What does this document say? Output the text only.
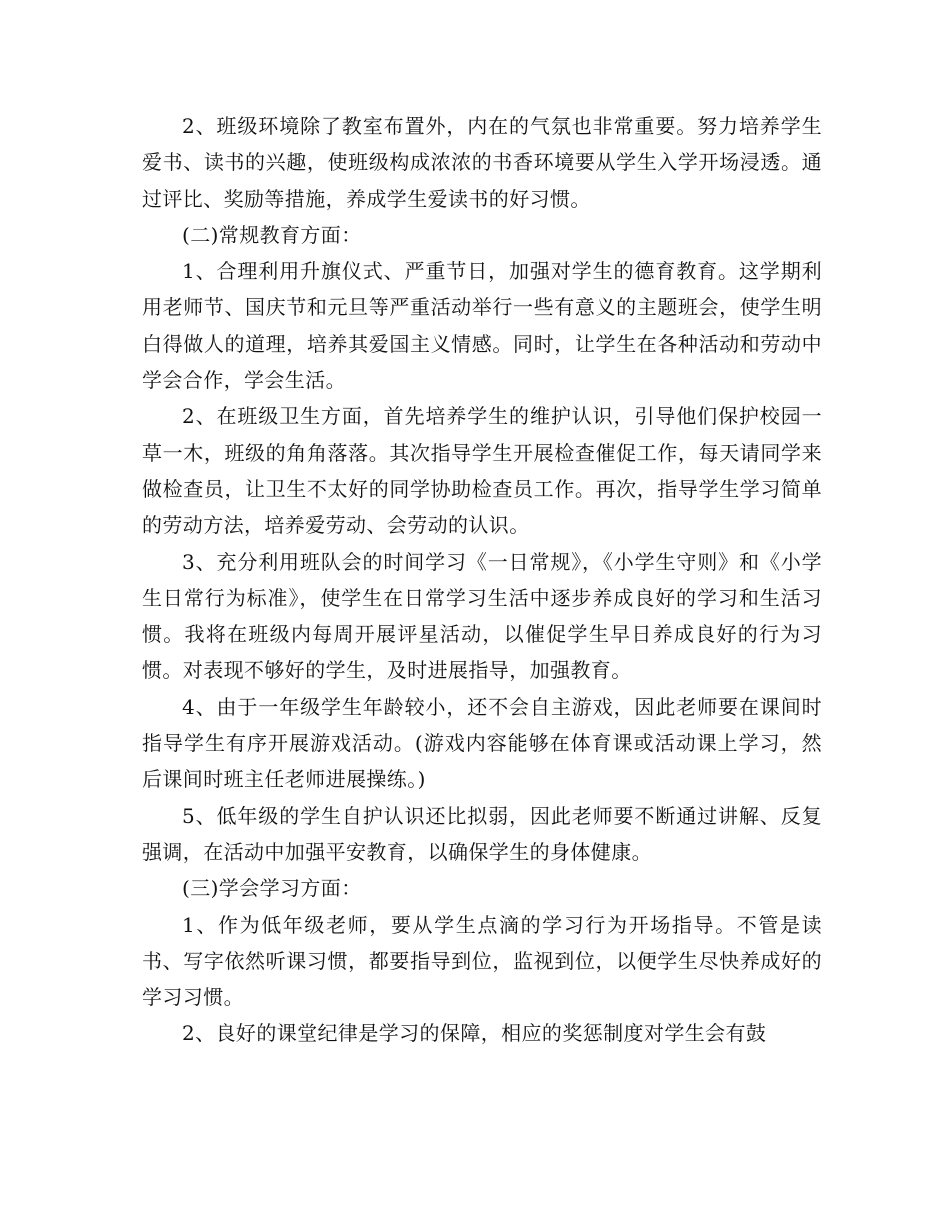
2、班级环境除了教室布置外，内在的气氛也非常重要。努力培养学生爱书、读书的兴趣，使班级构成浓浓的书香环境要从学生入学开场浸透。通过评比、奖励等措施，养成学生爱读书的好习惯。

(二)常规教育方面：

1、合理利用升旗仪式、严重节日，加强对学生的德育教育。这学期利用老师节、国庆节和元旦等严重活动举行一些有意义的主题班会，使学生明白得做人的道理，培养其爱国主义情感。同时，让学生在各种活动和劳动中学会合作，学会生活。

2、在班级卫生方面，首先培养学生的维护认识，引导他们保护校园一草一木，班级的角角落落。其次指导学生开展检查催促工作，每天请同学来做检查员，让卫生不太好的同学协助检查员工作。再次，指导学生学习简单的劳动方法，培养爱劳动、会劳动的认识。

3、充分利用班队会的时间学习《一日常规》，《小学生守则》和《小学生日常行为标准》，使学生在日常学习生活中逐步养成良好的学习和生活习惯。我将在班级内每周开展评星活动，以催促学生早日养成良好的行为习惯。对表现不够好的学生，及时进展指导，加强教育。

4、由于一年级学生年龄较小，还不会自主游戏，因此老师要在课间时指导学生有序开展游戏活动。(游戏内容能够在体育课或活动课上学习，然后课间时班主任老师进展操练。)

5、低年级的学生自护认识还比拟弱，因此老师要不断通过讲解、反复强调，在活动中加强平安教育，以确保学生的身体健康。

(三)学会学习方面：

1、作为低年级老师，要从学生点滴的学习行为开场指导。不管是读书、写字依然听课习惯，都要指导到位，监视到位，以便学生尽快养成好的学习习惯。

2、良好的课堂纪律是学习的保障，相应的奖惩制度对学生会有鼓
